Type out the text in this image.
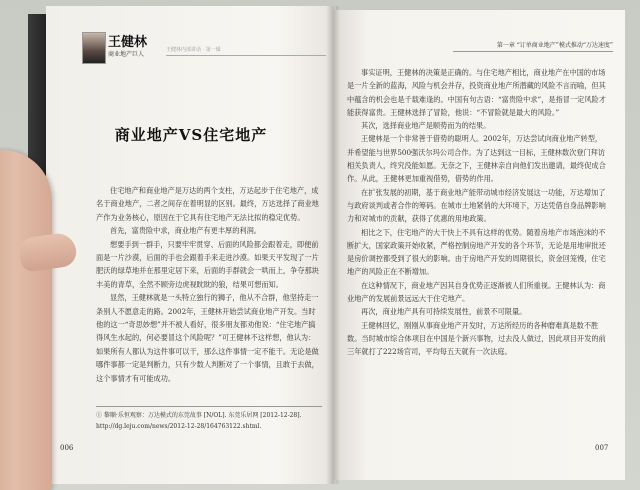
王健林
商业地产巨人
王健林内部讲话 · 第一辑
商业地产VS住宅地产

住宅地产和商业地产是万达的两个支柱，万达起步于住宅地产，成名于商业地产，二者之间存在着明显的区别。最终，万达选择了商业地产作为业务核心，原因在于它具有住宅地产无法比拟的稳定优势。

首先，富贵险中求，商业地产有更丰厚的利润。

想要手到一群手，只要牢牢贯穿、后面的风险都会跟着走，即便前面是一片沙漠，后面的手也会跟着手来走进沙漠。如果天平发现了一片肥沃的绿草地并在那里定居下来，后面的手群就会一哄而上，争夺那块丰美的青草，全然不顾旁边虎视眈眈的狼，结果可想而知。

显然，王健林就是一头特立独行的狮子，他从不合群，他坚持走一条别人不愿意走的路。2002年，王健林开始尝试商业地产开发。当时他的这一“奇思妙想”并不被人看好，很多朋友都劝他说：“住宅地产搞得风生水起的，何必要冒这个风险呢？”可王健林不这样想，他认为：如果所有人都认为这件事可以干，那么这件事情一定不能干。无论是做哪件事都一定是判断力，只有少数人判断对了一个事情，且敢于去做，这个事情才有可能成功。

① 黎顺·乐恒观察：万达模式的东莞故事 [N/OL]. 东莞乐居网 [2012-12-28].
http://dg.leju.com/news/2012-12-28/164763122.shtml.
006
第一章 “订单商业地产”模式推动“万达速度”

事实证明，王健林的决策是正确的。与住宅地产相比，商业地产在中国的市场是一片全新的蓝海，风险与机会并存，投资商业地产所潜藏的风险不言而喻，但其中蕴含的机会也是千载难逢的。中国有句古语：“富贵险中求”，是指冒一定风险才能获得富贵。王健林选择了冒险，他说：“不冒险就是最大的风险。”

其次，选择商业地产是顺势而为的结果。

王健林是一个非常善于借势的聪明人。2002年，万达尝试向商业地产转型，并希望能与世界500强沃尔玛公司合作。为了达到这一目标，王健林数次登门拜访相关负责人，终究没能如愿。无奈之下，王健林亲自向他们发出邀请，最终促成合作。从此，王健林更加重视借势，借势的作用。

在扩张发展的初期，基于商业地产能带动城市经济发展这一功能，万达增加了与政府谈判或者合作的筹码。在城市土地紧俏的大环境下，万达凭借自身品牌影响力和对城市的贡献，获得了优惠的用地政策。

相比之下，住宅地产的大干快上不具有这样的优势。随着房地产市场泡沫的不断扩大，国家政策开始收紧，严格控制房地产开发的各个环节，无论是用地审批还是房价调控都受到了很大的影响。由于房地产开发的周期很长，资金回笼慢，住宅地产的风险正在不断增加。

在这种情况下，商业地产因其自身优势正逐渐被人们所重视。王健林认为：商业地产的发展前景远远大于住宅地产。

再次，商业地产具有可持续发展性，前景不可限量。

王健林回忆，刚刚从事商业地产开发时，万达所经历的各种磨难真是数不胜数。当时城市综合体项目在中国是个新兴事物，过去没人做过，因此项目开发的前三年就打了222场官司，平均每五天就有一次法庭。

007
